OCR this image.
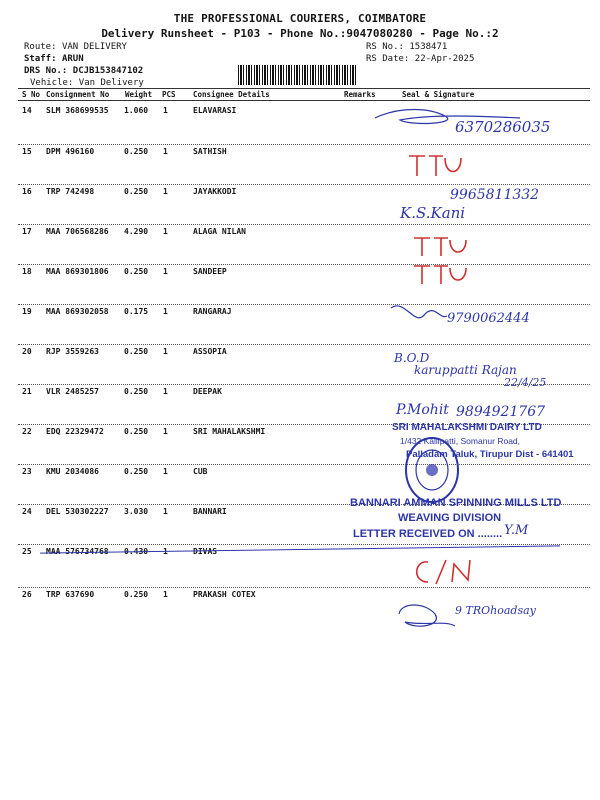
THE PROFESSIONAL COURIERS, COIMBATORE
Delivery Runsheet - P103 - Phone No.:9047080280 - Page No.:2
Route: VAN DELIVERY
Staff: ARUN
DRS No.: DCJB153847102
Vehicle: Van Delivery
RS No.: 1538471
RS Date: 22-Apr-2025
S No Consignment No Weight PCS Consignee Details	Remarks	Seal & Signature
14 SLM 368699535 1.060 1	ELAVARASI
15 DPM 496160	0.250 1	SATHISH
16 TRP 742498	0.250 1	JAYAKKODI
17 MAA 706568286 4.290 1	ALAGA NILAN
18 MAA 869301806 0.250 1	SANDEEP
19 MAA 869302058 0.175 1	RANGARAJ
20 RJP 3559263	0.250 1	ASSOPIA
21 VLR 2485257	0.250 1	DEEPAK
22 EDQ 22329472	0.250 1	SRI MAHALAKSHMI
23 KMU 2034086	0.250 1	CUB
24 DEL 530302227 3.030 1	BANNARI
25 MAA 576734768 0.430 1	DIVAS
26 TRP 637690	0.250 1	PRAKASH COTEX
6370286035
9965811332
K.S.Kani
9790062444
B.O.D
karuppatti Rajan
22/4/25
P.Mohit 9894921767
SRI MAHALAKSHMI DAIRY LTD
1/432 Kallipatti, Somanur Road,
Palladam Taluk, Tirupur Dist - 641401
BANNARI AMMAN SPINNING MILLS LTD
WEAVING DIVISION
LETTER RECEIVED ON ........ Y.M
9 TROhoadsay
